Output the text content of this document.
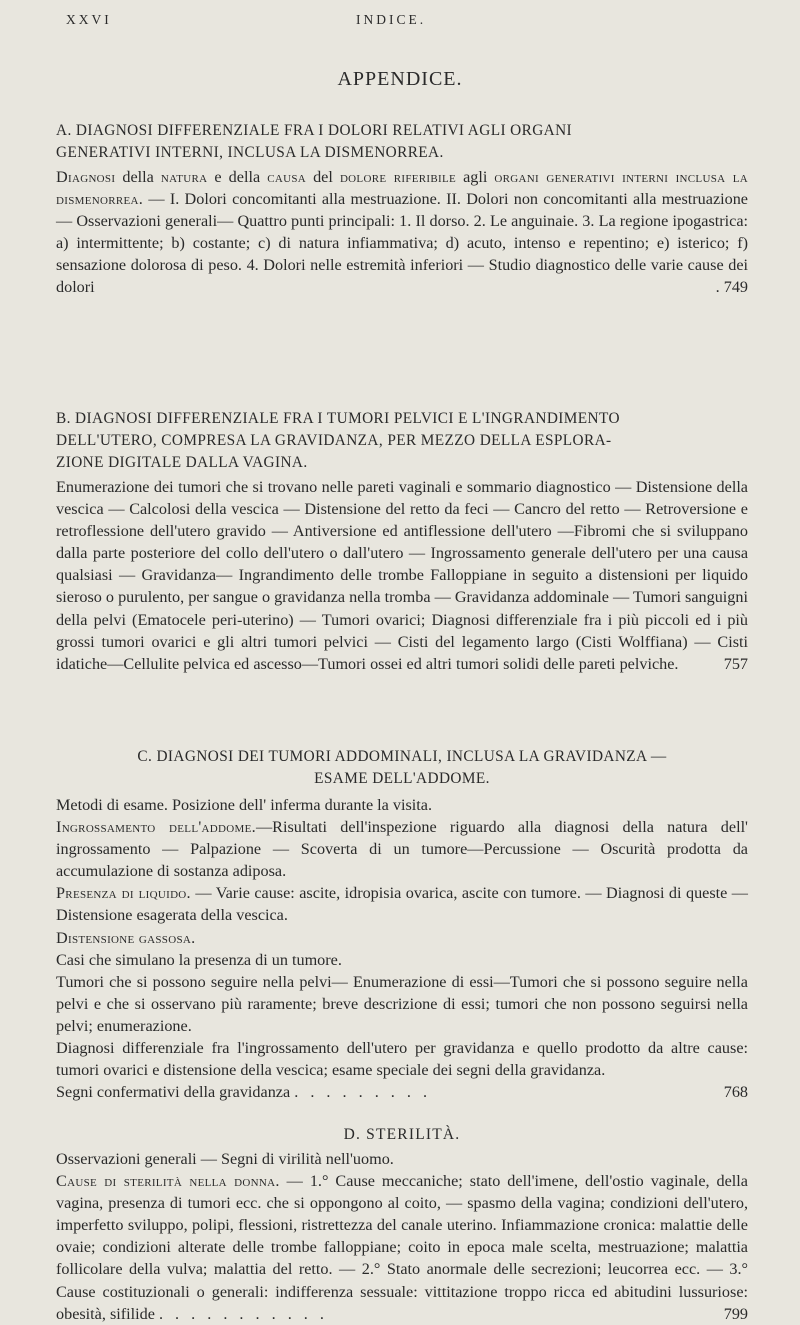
XXVI	INDICE.
APPENDICE.
A. DIAGNOSI DIFFERENZIALE FRA I DOLORI RELATIVI AGLI ORGANI
GENERATIVI INTERNI, INCLUSA LA DISMENORREA.

Diagnosi della natura e della causa del dolore riferibile agli organi generativi interni inclusa la dismenorrea. — I. Dolori concomitanti alla mestruazione. II. Dolori non concomitanti alla mestruazione — Osservazioni generali— Quattro punti principali: 1. Il dorso. 2. Le anguinaie. 3. La regione ipogastrica: a) intermittente; b) costante; c) di natura infiammativa; d) acuto, intenso e repentino; e) isterico; f) sensazione dolorosa di peso. 4. Dolori nelle estremità inferiori — Studio diagnostico delle varie cause dei dolori	. 749

B. DIAGNOSI DIFFERENZIALE FRA I TUMORI PELVICI E L'INGRANDIMENTO
DELL'UTERO, COMPRESA LA GRAVIDANZA, PER MEZZO DELLA ESPLORA-
ZIONE DIGITALE DALLA VAGINA.

Enumerazione dei tumori che si trovano nelle pareti vaginali e sommario diagnostico — Distensione della vescica — Calcolosi della vescica — Distensione del retto da feci — Cancro del retto — Retroversione e retroflessione dell'utero gravido — Antiversione ed antiflessione dell'utero —Fibromi che si sviluppano dalla parte posteriore del collo dell'utero o dall'utero — Ingrossamento generale dell'utero per una causa qualsiasi — Gravidanza— Ingrandimento delle trombe Falloppiane in seguito a distensioni per liquido sieroso o purulento, per sangue o gravidanza nella tromba — Gravidanza addominale — Tumori sanguigni della pelvi (Ematocele peri-uterino) — Tumori ovarici; Diagnosi differenziale fra i più piccoli ed i più grossi tumori ovarici e gli altri tumori pelvici — Cisti del legamento largo (Cisti Wolffiana) — Cisti idatiche—Cellulite pelvica ed ascesso—Tumori ossei ed altri tumori solidi delle pareti pelviche.	757

C. DIAGNOSI DEI TUMORI ADDOMINALI, INCLUSA LA GRAVIDANZA —
ESAME DELL'ADDOME.

Metodi di esame. Posizione dell' inferma durante la visita.

Ingrossamento dell'addome.—Risultati dell'inspezione riguardo alla diagnosi della natura dell' ingrossamento — Palpazione — Scoverta di un tumore—Percussione — Oscurità prodotta da accumulazione di sostanza adiposa.

Presenza di liquido. — Varie cause: ascite, idropisia ovarica, ascite con tumore. — Diagnosi di queste — Distensione esagerata della vescica.

Distensione gassosa.

Casi che simulano la presenza di un tumore.

Tumori che si possono seguire nella pelvi— Enumerazione di essi—Tumori che si possono seguire nella pelvi e che si osservano più raramente; breve descrizione di essi; tumori che non possono seguirsi nella pelvi; enumerazione.

Diagnosi differenziale fra l'ingrossamento dell'utero per gravidanza e quello prodotto da altre cause: tumori ovarici e distensione della vescica; esame speciale dei segni della gravidanza.

Segni confermativi della gravidanza . . . . . . . . .	768

D. STERILITÀ.

Osservazioni generali — Segni di virilità nell'uomo.

Cause di sterilità nella donna. — 1.° Cause meccaniche; stato dell'imene, dell'ostio vaginale, della vagina, presenza di tumori ecc. che si oppongono al coito, — spasmo della vagina; condizioni dell'utero, imperfetto sviluppo, polipi, flessioni, ristrettezza del canale uterino. Infiammazione cronica: malattie delle ovaie; condizioni alterate delle trombe falloppiane; coito in epoca male scelta, mestruazione; malattia follicolare della vulva; malattia del retto. — 2.° Stato anormale delle secrezioni; leucorrea ecc. — 3.° Cause costituzionali o generali: indifferenza sessuale: vittitazione troppo ricca ed abitudini lussuriose: obesità, sifilide . . . . . . . . . . .	799
